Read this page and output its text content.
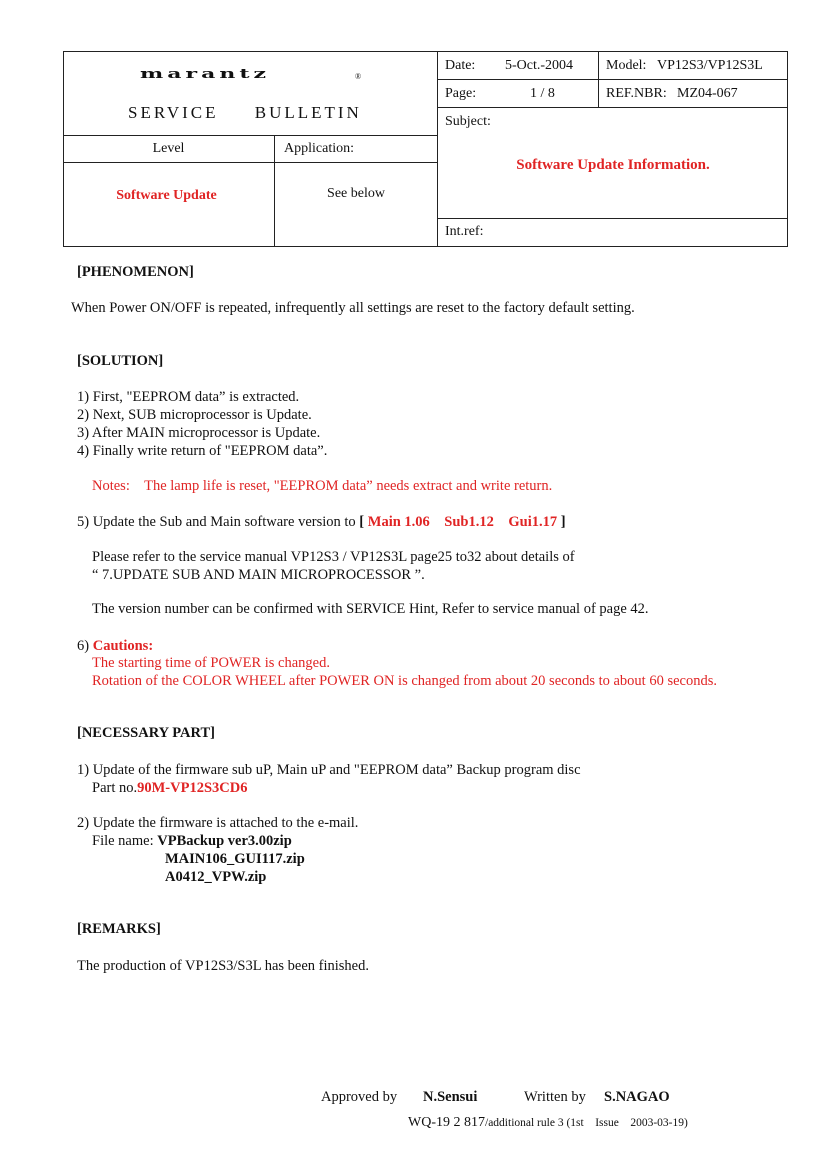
marantz	®
SERVICE     BULLETIN
Date: 5-Oct.-2004 Model: VP12S3/VP12S3L
Page:	1 / 8	REF.NBR: MZ04-067
Subject:
Software Update Information.
Level	Application:
Software Update	See below
Int.ref:
[PHENOMENON]
When Power ON/OFF is repeated, infrequently all settings are reset to the factory default setting.
[SOLUTION]
1) First, "EEPROM data” is extracted.
2) Next, SUB microprocessor is Update.
3) After MAIN microprocessor is Update.
4) Finally write return of "EEPROM data”.
Notes:    The lamp life is reset, "EEPROM data” needs extract and write return.
5) Update the Sub and Main software version to [ Main 1.06    Sub1.12    Gui1.17 ]
Please refer to the service manual VP12S3 / VP12S3L page25 to32 about details of
“ 7.UPDATE SUB AND MAIN MICROPROCESSOR ”.
The version number can be confirmed with SERVICE Hint, Refer to service manual of page 42.
6) Cautions:
The starting time of POWER is changed.
Rotation of the COLOR WHEEL after POWER ON is changed from about 20 seconds to about 60 seconds.
[NECESSARY PART]
1) Update of the firmware sub uP, Main uP and "EEPROM data” Backup program disc
Part no.90M-VP12S3CD6
2) Update the firmware is attached to the e-mail.
File name: VPBackup ver3.00zip
MAIN106_GUI117.zip
A0412_VPW.zip
[REMARKS]
The production of VP12S3/S3L has been finished.
Approved by N.Sensui	Written by S.NAGAO
WQ-19 2 817/additional rule 3 (1st    Issue    2003-03-19)
